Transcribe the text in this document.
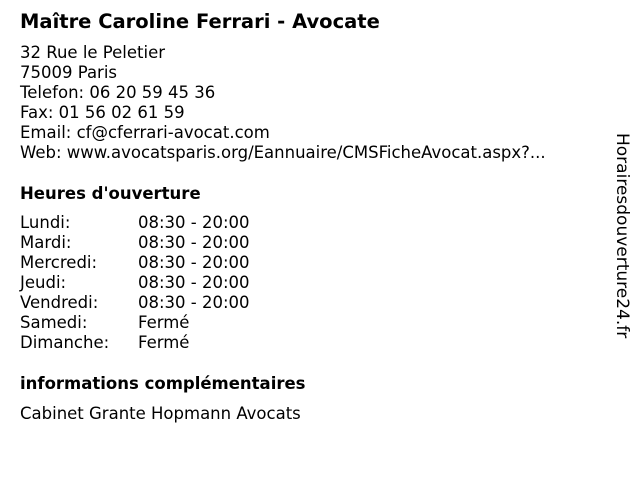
Maître Caroline Ferrari - Avocate
32 Rue le Peletier
75009 Paris
Telefon: 06 20 59 45 36
Fax: 01 56 02 61 59
Email: cf@cferrari-avocat.com
Web: www.avocatsparis.org/Eannuaire/CMSFicheAvocat.aspx?...
Heures d'ouverture
Lundi:	08:30 - 20:00
Mardi:	08:30 - 20:00
Mercredi: 08:30 - 20:00
Jeudi:	08:30 - 20:00
Vendredi: 08:30 - 20:00
Samedi:	Fermé
Dimanche: Fermé
informations complémentaires
Cabinet Grante Hopmann Avocats
Horairesdouverture24.fr
